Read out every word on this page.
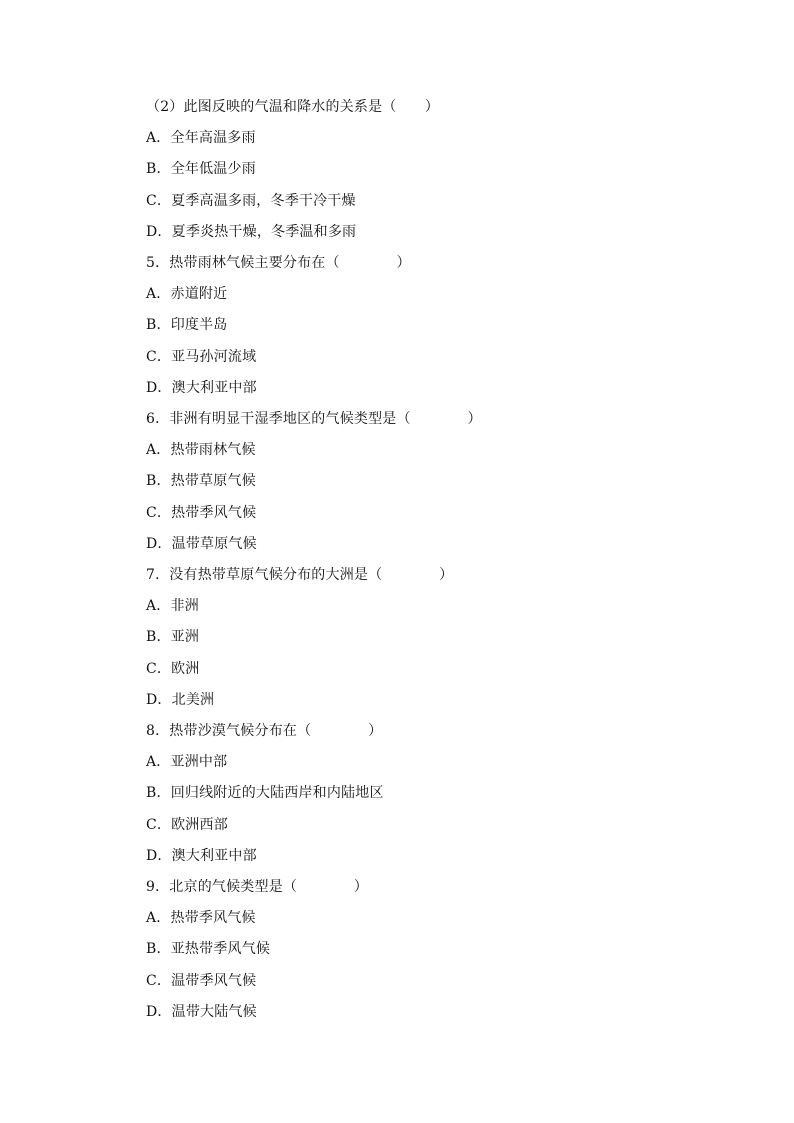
（2）此图反映的气温和降水的关系是（　　）
A．全年高温多雨
B．全年低温少雨
C．夏季高温多雨，冬季干冷干燥
D．夏季炎热干燥，冬季温和多雨
5．热带雨林气候主要分布在（　　　　）
A．赤道附近
B．印度半岛
C．亚马孙河流域
D．澳大利亚中部
6．非洲有明显干湿季地区的气候类型是（　　　　）
A．热带雨林气候
B．热带草原气候
C．热带季风气候
D．温带草原气候
7．没有热带草原气候分布的大洲是（　　　　）
A．非洲
B．亚洲
C．欧洲
D．北美洲
8．热带沙漠气候分布在（　　　　）
A．亚洲中部
B．回归线附近的大陆西岸和内陆地区
C．欧洲西部
D．澳大利亚中部
9．北京的气候类型是（　　　　）
A．热带季风气候
B．亚热带季风气候
C．温带季风气候
D．温带大陆气候
